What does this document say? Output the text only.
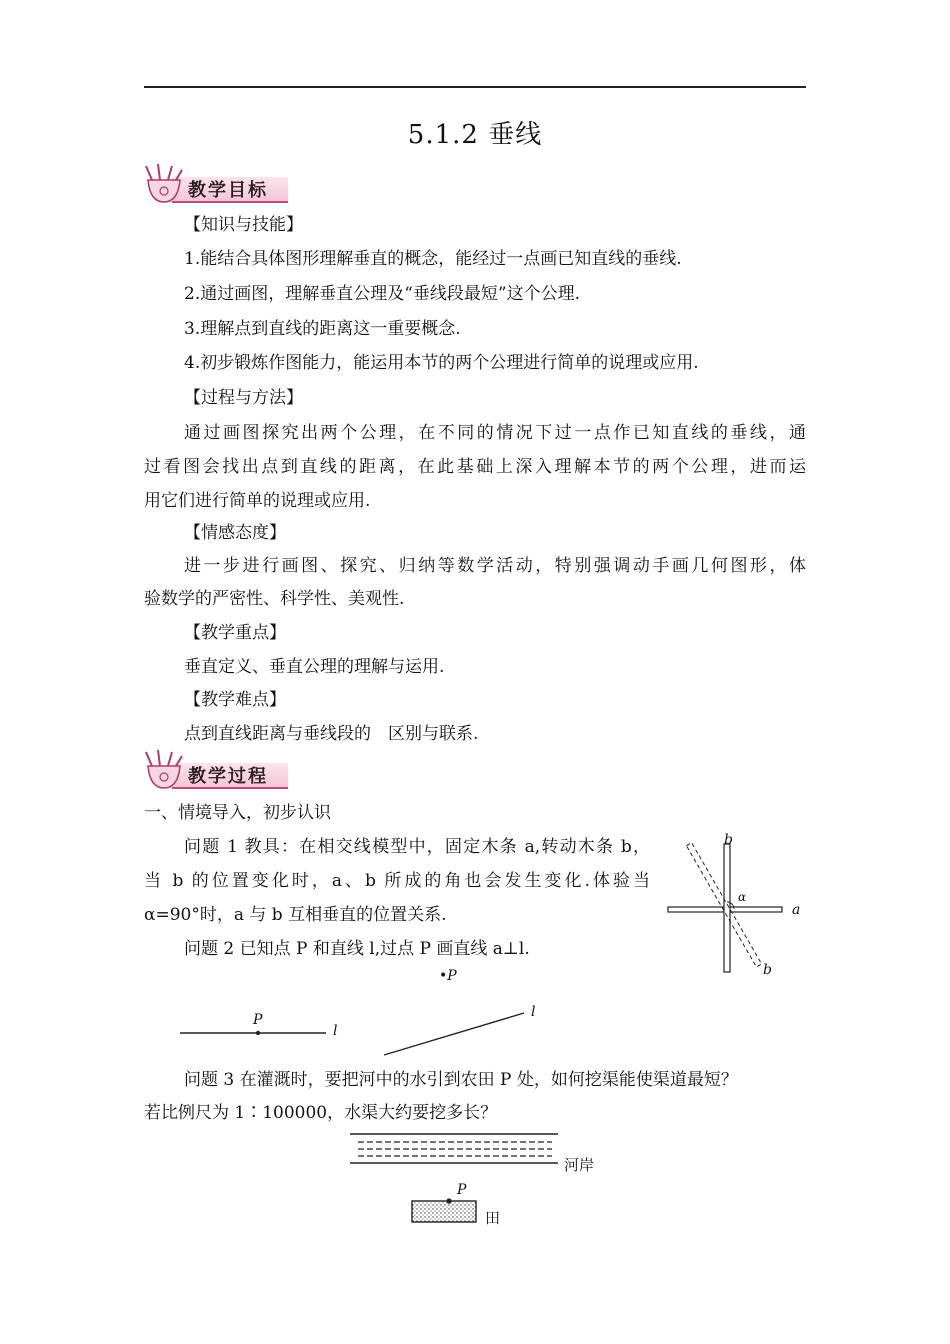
5.1.2 垂线
教学目标
【知识与技能】
1.能结合具体图形理解垂直的概念，能经过一点画已知直线的垂线.
2.通过画图，理解垂直公理及“垂线段最短”这个公理.
3.理解点到直线的距离这一重要概念.
4.初步锻炼作图能力，能运用本节的两个公理进行简单的说理或应用.
【过程与方法】
通过画图探究出两个公理，在不同的情况下过一点作已知直线的垂线，通
过看图会找出点到直线的距离，在此基础上深入理解本节的两个公理，进而运
用它们进行简单的说理或应用.
【情感态度】
进一步进行画图、探究、归纳等数学活动，特别强调动手画几何图形，体
验数学的严密性、科学性、美观性.
【教学重点】
垂直定义、垂直公理的理解与运用.
【教学难点】
点到直线距离与垂线段的　区别与联系.
教学过程
一、情境导入，初步认识
问题 1 教具：在相交线模型中，固定木条 a,转动木条 b，
当 b 的位置变化时，a、b 所成的角也会发生变化.体验当
α=90°时，a 与 b 互相垂直的位置关系.
问题 2 已知点 P 和直线 l,过点 P 画直线 a⊥l.
b
b
a
α
P
l
•P
l
问题 3 在灌溉时，要把河中的水引到农田 P 处，如何挖渠能使渠道最短？
若比例尺为 1∶100000，水渠大约要挖多长？
P
河岸
田
